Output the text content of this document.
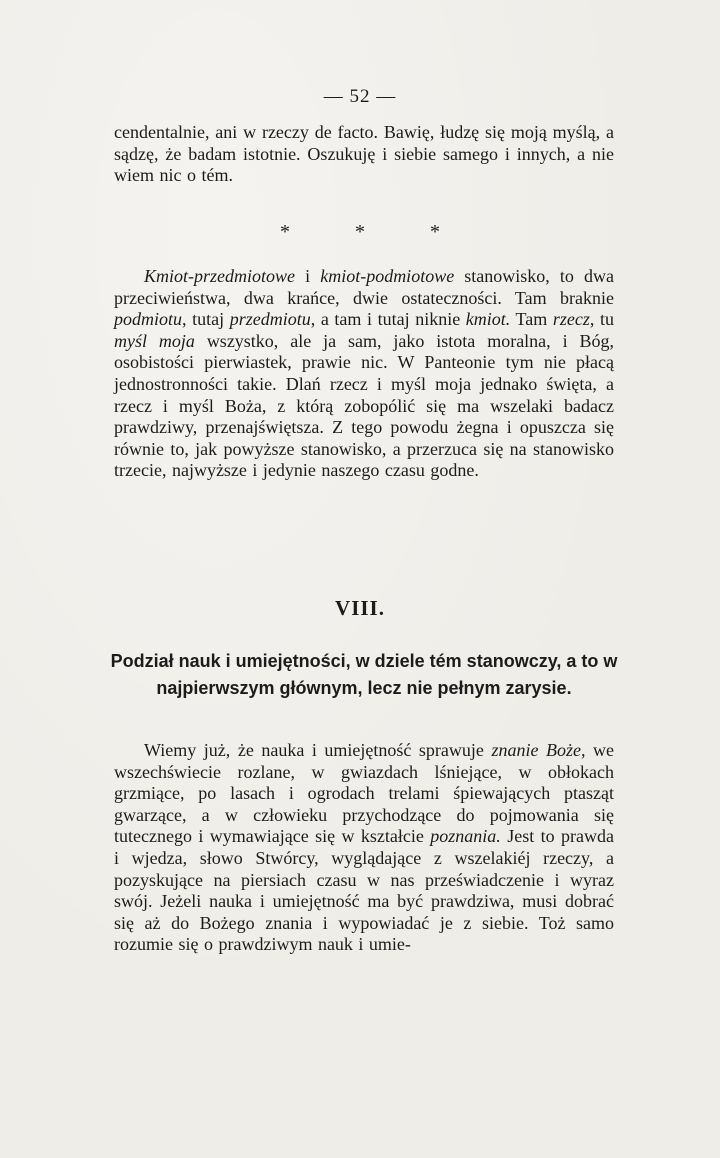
— 52 —

cendentalnie, ani w rzeczy de facto. Bawię, łudzę się moją myślą, a sądzę, że badam istotnie. Oszukuję i siebie samego i innych, a nie wiem nic o tém.

* * *

Kmiot-przedmiotowe i kmiot-podmiotowe stanowisko, to dwa przeciwieństwa, dwa krańce, dwie ostateczności. Tam braknie podmiotu, tutaj przedmiotu, a tam i tutaj niknie kmiot. Tam rzecz, tu myśl moja wszystko, ale ja sam, jako istota moralna, i Bóg, osobistości pierwiastek, prawie nic. W Panteonie tym nie płacą jednostronności takie. Dlań rzecz i myśl moja jednako święta, a rzecz i myśl Boża, z którą zobopólić się ma wszelaki badacz prawdziwy, przenajświętsza. Z tego powodu żegna i opuszcza się równie to, jak powyższe stanowisko, a przerzuca się na stanowisko trzecie, najwyższe i jedynie naszego czasu godne.

VIII.
Podział nauk i umiejętności, w dziele tém stanowczy, a to w najpierwszym głównym, lecz nie pełnym zarysie.

Wiemy już, że nauka i umiejętność sprawuje znanie Boże, we wszechświecie rozlane, w gwiazdach lśniejące, w obłokach grzmiące, po lasach i ogrodach trelami śpiewających ptasząt gwarzące, a w człowieku przychodzące do pojmowania się tutecznego i wymawiające się w kształcie poznania. Jest to prawda i wjedza, słowo Stwórcy, wyglądające z wszelakiéj rzeczy, a pozyskujące na piersiach czasu w nas przeświadczenie i wyraz swój. Jeżeli nauka i umiejętność ma być prawdziwa, musi dobrać się aż do Bożego znania i wypowiadać je z siebie. Toż samo rozumie się o prawdziwym nauk i umie-
